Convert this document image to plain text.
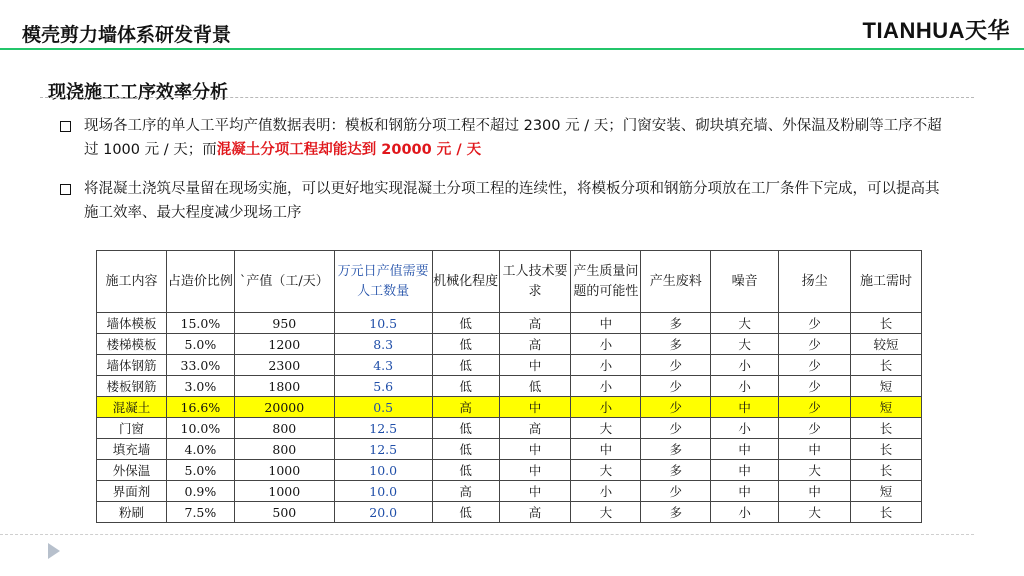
模壳剪力墙体系研发背景	TIANHUA天华
现浇施工工序效率分析
现场各工序的单人工平均产值数据表明：模板和钢筋分项工程不超过 2300 元 / 天；门窗安装、砌块填充墙、外保温及粉刷等工序不超过 1000 元 / 天；而混凝土分项工程却能达到 20000 元 / 天
将混凝土浇筑尽量留在现场实施，可以更好地实现混凝土分项工程的连续性，将模板分项和钢筋分项放在工厂条件下完成，可以提高其施工效率、最大程度减少现场工序
施工内容	占造价比例	`产值（工/天）	万元日产值需要人工数量	机械化程度	工人技术要求	产生质量问题的可能性	产生废料	噪音	扬尘	施工需时
墙体模板	15.0%	950	10.5	低	高	中	多	大	少	长
楼梯模板	5.0%	1200	8.3	低	高	小	多	大	少	较短
墙体钢筋	33.0%	2300	4.3	低	中	小	少	小	少	长
楼板钢筋	3.0%	1800	5.6	低	低	小	少	小	少	短
混凝土	16.6%	20000	0.5	高	中	小	少	中	少	短
门窗	10.0%	800	12.5	低	高	大	少	小	少	长
填充墙	4.0%	800	12.5	低	中	中	多	中	中	长
外保温	5.0%	1000	10.0	低	中	大	多	中	大	长
界面剂	0.9%	1000	10.0	高	中	小	少	中	中	短
粉刷	7.5%	500	20.0	低	高	大	多	小	大	长
